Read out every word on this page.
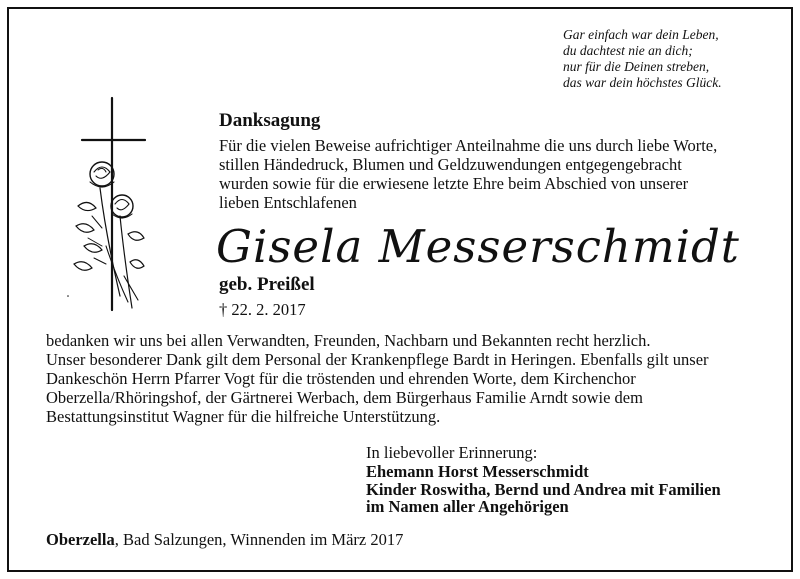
Gar einfach war dein Leben,
du dachtest nie an dich;
nur für die Deinen streben,
das war dein höchstes Glück.
Danksagung
Für die vielen Beweise aufrichtiger Anteilnahme die uns durch liebe Worte,
stillen Händedruck, Blumen und Geldzuwendungen entgegengebracht
wurden sowie für die erwiesene letzte Ehre beim Abschied von unserer
lieben Entschlafenen
Gisela Messerschmidt
geb. Preißel
† 22. 2. 2017
bedanken wir uns bei allen Verwandten, Freunden, Nachbarn und Bekannten recht herzlich.
Unser besonderer Dank gilt dem Personal der Krankenpflege Bardt in Heringen. Ebenfalls gilt unser
Dankeschön Herrn Pfarrer Vogt für die tröstenden und ehrenden Worte, dem Kirchenchor
Oberzella/Rhöringshof, der Gärtnerei Werbach, dem Bürgerhaus Familie Arndt sowie dem
Bestattungsinstitut Wagner für die hilfreiche Unterstützung.
In liebevoller Erinnerung:
Ehemann Horst Messerschmidt
Kinder Roswitha, Bernd und Andrea mit Familien
im Namen aller Angehörigen
Oberzella, Bad Salzungen, Winnenden im März 2017
